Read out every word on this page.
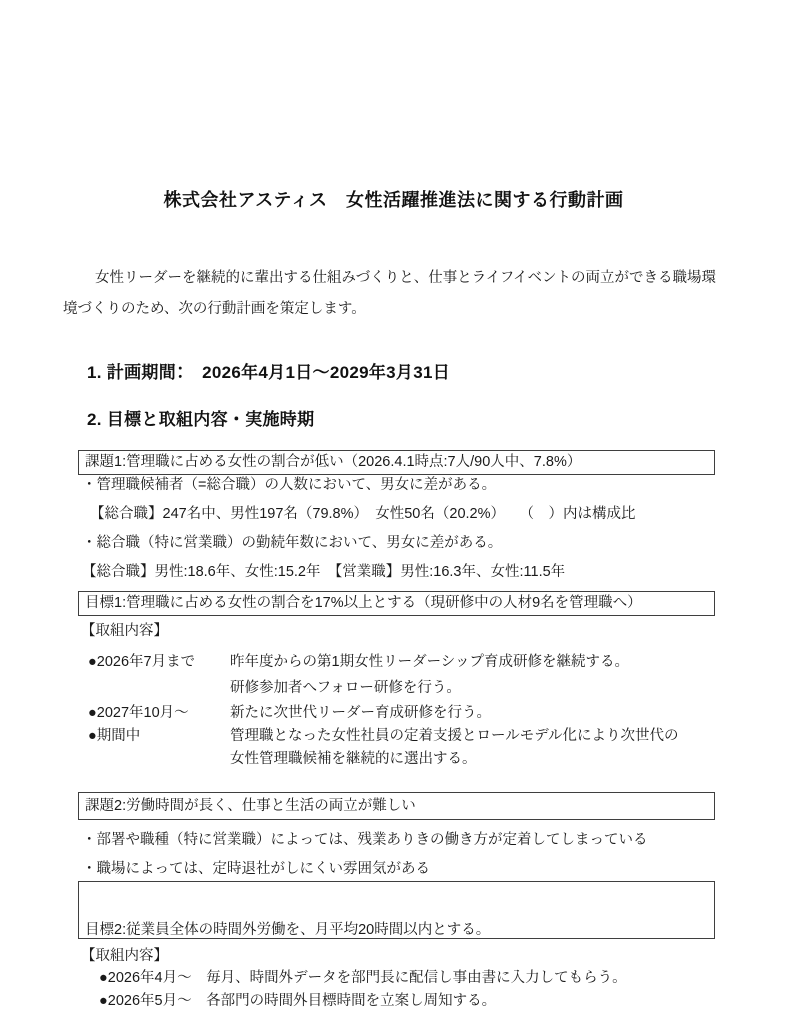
株式会社アスティス　女性活躍推進法に関する行動計画
女性リーダーを継続的に輩出する仕組みづくりと、仕事とライフイベントの両立ができる職場環
境づくりのため、次の行動計画を策定します。
1. 計画期間：　2026年4月1日～2029年3月31日
2. 目標と取組内容・実施時期
課題1:管理職に占める女性の割合が低い（2026.4.1時点:7人/90人中、7.8%）
・管理職候補者（=総合職）の人数において、男女に差がある。
【総合職】247名中、男性197名（79.8%）　女性50名（20.2%）　　（　）内は構成比
・総合職（特に営業職）の勤続年数において、男女に差がある。
【総合職】男性:18.6年、女性:15.2年　【営業職】男性:16.3年、女性:11.5年
目標1:管理職に占める女性の割合を17%以上とする（現研修中の人材9名を管理職へ）
【取組内容】
●2026年7月まで 昨年度からの第1期女性リーダーシップ育成研修を継続する。
研修参加者へフォロー研修を行う。
●2027年10月～	新たに次世代リーダー育成研修を行う。
●期間中	管理職となった女性社員の定着支援とロールモデル化により次世代の
女性管理職候補を継続的に選出する。
課題2:労働時間が長く、仕事と生活の両立が難しい
・部署や職種（特に営業職）によっては、残業ありきの働き方が定着してしまっている
・職場によっては、定時退社がしにくい雰囲気がある

目標2:従業員全体の時間外労働を、月平均20時間以内とする。

【取組内容】
●2026年4月～　毎月、時間外データを部門長に配信し事由書に入力してもらう。
●2026年5月～　各部門の時間外目標時間を立案し周知する。
